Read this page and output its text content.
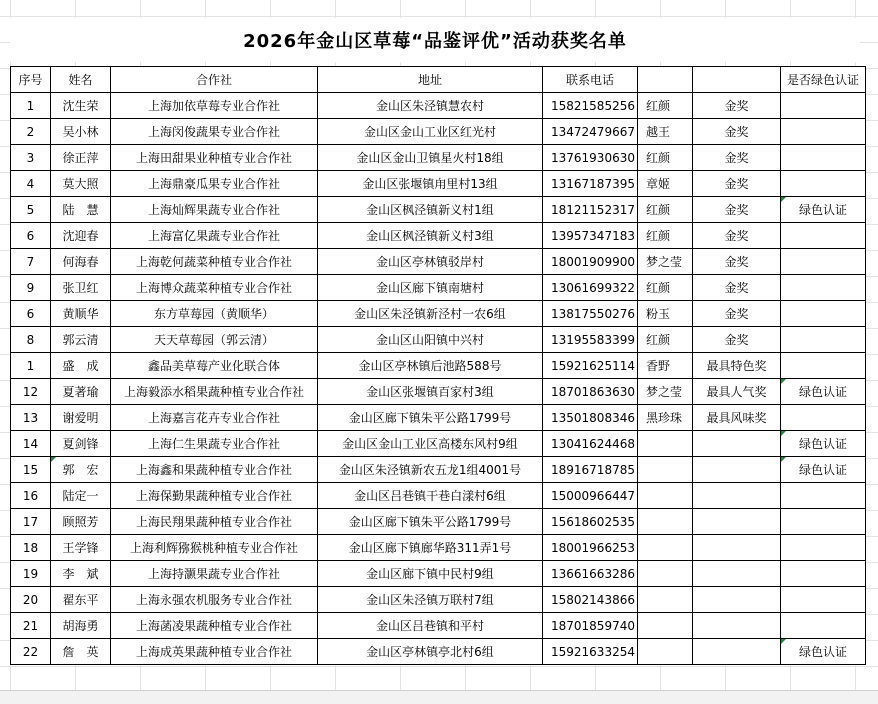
2026年金山区草莓“品鉴评优”活动获奖名单
序号	姓名	合作社	地址	联系电话			是否绿色认证
1	沈生荣	上海加依草莓专业合作社	金山区朱泾镇慧农村	15821585256	红颜	金奖	
2	吴小林	上海闵俊蔬果专业合作社	金山区金山工业区红光村	13472479667	越王	金奖	
3	徐正萍	上海田甜果业种植专业合作社	金山区金山卫镇星火村18组	13761930630	红颜	金奖	
4	莫大照	上海鼎豪瓜果专业合作社	金山区张堰镇甪里村13组	13167187395	章姬	金奖	
5	陆　慧	上海灿辉果蔬专业合作社	金山区枫泾镇新义村1组	18121152317	红颜	金奖	绿色认证
6	沈迎春	上海富亿果蔬专业合作社	金山区枫泾镇新义村3组	13957347183	红颜	金奖	
7	何海春	上海乾何蔬菜种植专业合作社	金山区亭林镇驳岸村	18001909900	梦之莹	金奖	
9	张卫红	上海博众蔬菜种植专业合作社	金山区廊下镇南塘村	13061699322	红颜	金奖	
6	黄顺华	东方草莓园（黄顺华）	金山区朱泾镇新泾村一农6组	13817550276	粉玉	金奖	
8	郭云清	天天草莓园（郭云清）	金山区山阳镇中兴村	13195583399	红颜	金奖	
1	盛　成	鑫品美草莓产业化联合体	金山区亭林镇后池路588号	15921625114	香野	最具特色奖	
12	夏著瑜	上海毅添水稻果蔬种植专业合作社	金山区张堰镇百家村3组	18701863630	梦之莹	最具人气奖	绿色认证
13	谢爱明	上海嘉言花卉专业合作社	金山区廊下镇朱平公路1799号	13501808346	黑珍珠	最具风味奖	
14	夏剑锋	上海仁生果蔬专业合作社	金山区金山工业区高楼东风村9组	13041624468			绿色认证
15	郭　宏	上海鑫和果蔬种植专业合作社	金山区朱泾镇新农五龙1组4001号	18916718785			绿色认证
16	陆定一	上海保勤果蔬种植专业合作社	金山区吕巷镇干巷白漾村6组	15000966447			
17	顾照芳	上海民翔果蔬种植专业合作社	金山区廊下镇朱平公路1799号	15618602535			
18	王学锋	上海利辉猕猴桃种植专业合作社	金山区廊下镇廊华路311弄1号	18001966253			
19	李　斌	上海持灏果蔬专业合作社	金山区廊下镇中民村9组	13661663286			
20	翟东平	上海永强农机服务专业合作社	金山区朱泾镇万联村7组	15802143866			
21	胡海勇	上海菡凌果蔬种植专业合作社	金山区吕巷镇和平村	18701859740			
22	詹　英	上海成英果蔬种植专业合作社	金山区亭林镇亭北村6组	15921633254			绿色认证
